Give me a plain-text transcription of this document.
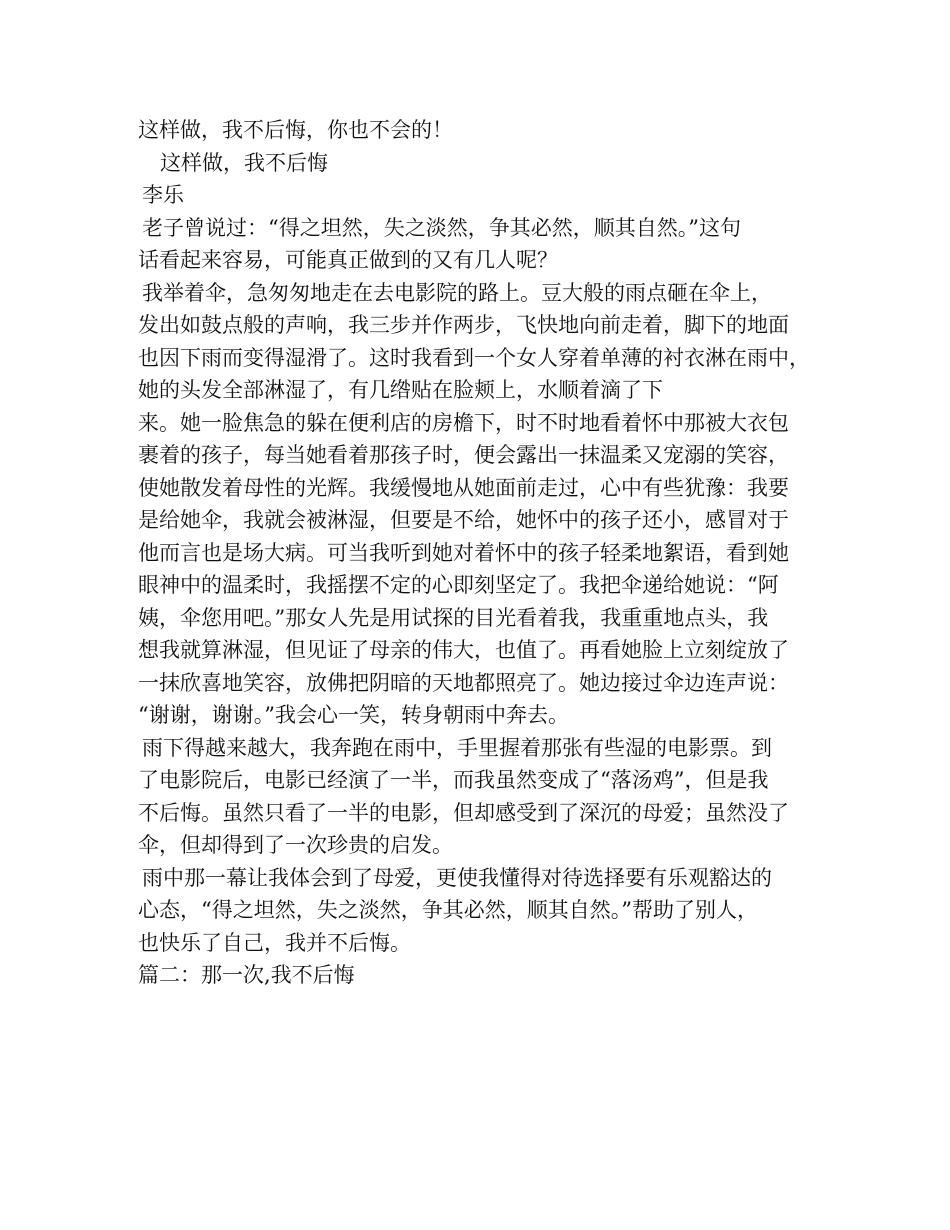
这样做，我不后悔，你也不会的！
这样做，我不后悔
李乐
老子曾说过：“得之坦然，失之淡然，争其必然，顺其自然。”这句
话看起来容易，可能真正做到的又有几人呢？
我举着伞，急匆匆地走在去电影院的路上。豆大般的雨点砸在伞上，
发出如鼓点般的声响，我三步并作两步，飞快地向前走着，脚下的地面
也因下雨而变得湿滑了。这时我看到一个女人穿着单薄的衬衣淋在雨中，
她的头发全部淋湿了，有几绺贴在脸颊上，水顺着滴了下
来。她一脸焦急的躲在便利店的房檐下，时不时地看着怀中那被大衣包
裹着的孩子，每当她看着那孩子时，便会露出一抹温柔又宠溺的笑容，
使她散发着母性的光辉。我缓慢地从她面前走过，心中有些犹豫：我要
是给她伞，我就会被淋湿，但要是不给，她怀中的孩子还小，感冒对于
他而言也是场大病。可当我听到她对着怀中的孩子轻柔地絮语，看到她
眼神中的温柔时，我摇摆不定的心即刻坚定了。我把伞递给她说：“阿
姨，伞您用吧。”那女人先是用试探的目光看着我，我重重地点头，我
想我就算淋湿，但见证了母亲的伟大，也值了。再看她脸上立刻绽放了
一抹欣喜地笑容，放佛把阴暗的天地都照亮了。她边接过伞边连声说：
“谢谢，谢谢。”我会心一笑，转身朝雨中奔去。
雨下得越来越大，我奔跑在雨中，手里握着那张有些湿的电影票。到
了电影院后，电影已经演了一半，而我虽然变成了“落汤鸡”，但是我
不后悔。虽然只看了一半的电影，但却感受到了深沉的母爱；虽然没了
伞，但却得到了一次珍贵的启发。
雨中那一幕让我体会到了母爱，更使我懂得对待选择要有乐观豁达的
心态，“得之坦然，失之淡然，争其必然，顺其自然。”帮助了别人，
也快乐了自己，我并不后悔。
篇二：那一次,我不后悔
